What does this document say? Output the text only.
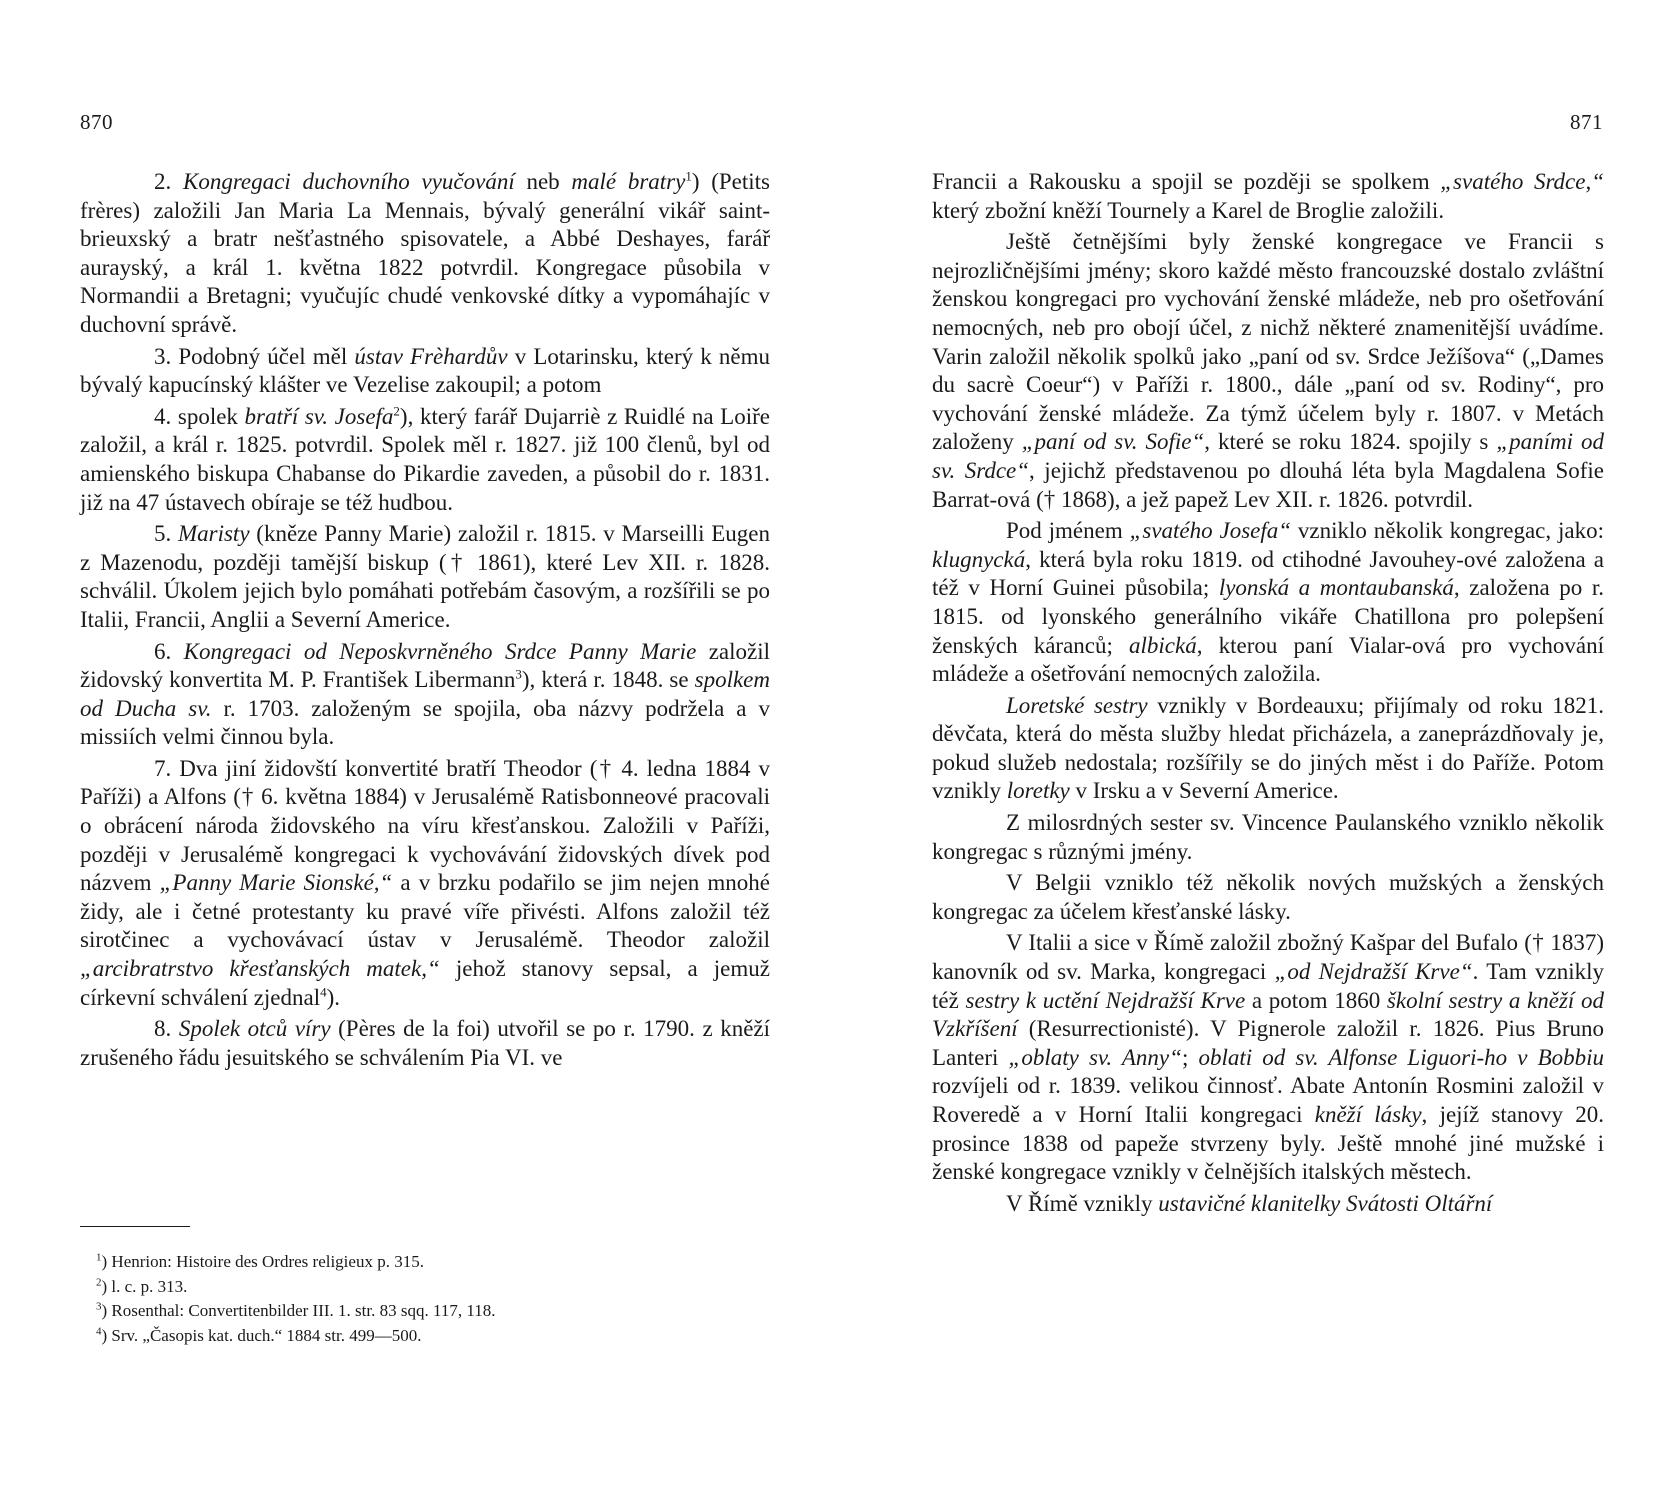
870

2. Kongregaci duchovního vyučování neb malé bratry$^1$) (Petits frères) založili Jan Maria La Mennais, bývalý generální vikář saint-brieuxský a bratr nešťastného spisovatele, a Abbé Deshayes, farář aurayský, a král 1. května 1822 potvrdil. Kongregace působila v Normandii a Bretagni; vyučujíc chudé venkovské dítky a vypomáhajíc v duchovní správě.

3. Podobný účel měl ústav Frèhardův v Lotarinsku, který k němu bývalý kapucínský klášter ve Vezelise zakoupil; a potom

4. spolek bratří sv. Josefa$^2$), který farář Dujarriè z Ruidlé na Loiře založil, a král r. 1825. potvrdil. Spolek měl r. 1827. již 100 členů, byl od amienského biskupa Chabanse do Pikardie zaveden, a působil do r. 1831. již na 47 ústavech obíraje se též hudbou.

5. Maristy (kněze Panny Marie) založil r. 1815. v Marseilli Eugen z Mazenodu, později tamější biskup († 1861), které Lev XII. r. 1828. schválil. Úkolem jejich bylo pomáhati potřebám časovým, a rozšířili se po Italii, Francii, Anglii a Severní Americe.

6. Kongregaci od Neposkvrněného Srdce Panny Marie založil židovský konvertita M. P. František Libermann$^3$), která r. 1848. se spolkem od Ducha sv. r. 1703. založeným se spojila, oba názvy podržela a v missiích velmi činnou byla.

7. Dva jiní židovští konvertité bratří Theodor († 4. ledna 1884 v Paříži) a Alfons († 6. května 1884) v Jerusalémě Ratisbonneové pracovali o obrácení národa židovského na víru křesťanskou. Založili v Paříži, později v Jerusalémě kongregaci k vychovávání židovských dívek pod názvem „Panny Marie Sionské,“ a v brzku podařilo se jim nejen mnohé židy, ale i četné protestanty ku pravé víře přivésti. Alfons založil též sirotčinec a vychovávací ústav v Jerusalémě. Theodor založil „arcibratrstvo křesťanských matek,“ jehož stanovy sepsal, a jemuž církevní schválení zjednal$^4$).

8. Spolek otců víry (Pères de la foi) utvořil se po r. 1790. z kněží zrušeného řádu jesuitského se schválením Pia VI. ve

$^1$) Henrion: Histoire des Ordres religieux p. 315.

$^2$) l. c. p. 313.

$^3$) Rosenthal: Convertitenbilder III. 1. str. 83 sqq. 117, 118.

$^4$) Srv. „Časopis kat. duch.“ 1884 str. 499—500.

871

Francii a Rakousku a spojil se později se spolkem „svatého Srdce,“ který zbožní kněží Tournely a Karel de Broglie založili.

Ještě četnějšími byly ženské kongregace ve Francii s nejrozličnějšími jmény; skoro každé město francouzské dostalo zvláštní ženskou kongregaci pro vychování ženské mládeže, neb pro ošetřování nemocných, neb pro obojí účel, z nichž některé znamenitější uvádíme. Varin založil několik spolků jako „paní od sv. Srdce Ježíšova“ („Dames du sacrè Coeur“) v Paříži r. 1800., dále „paní od sv. Rodiny“, pro vychování ženské mládeže. Za týmž účelem byly r. 1807. v Metách založeny „paní od sv. Sofie“, které se roku 1824. spojily s „paními od sv. Srdce“, jejichž představenou po dlouhá léta byla Magdalena Sofie Barrat-ová († 1868), a jež papež Lev XII. r. 1826. potvrdil.

Pod jménem „svatého Josefa“ vzniklo několik kongregac, jako: klugnycká, která byla roku 1819. od ctihodné Javouhey-ové založena a též v Horní Guinei působila; lyonská a montaubanská, založena po r. 1815. od lyonského generálního vikáře Chatillona pro polepšení ženských káranců; albická, kterou paní Vialar-ová pro vychování mládeže a ošetřování nemocných založila.

Loretské sestry vznikly v Bordeauxu; přijímaly od roku 1821. děvčata, která do města služby hledat přicházela, a zaneprázdňovaly je, pokud služeb nedostala; rozšířily se do jiných měst i do Paříže. Potom vznikly loretky v Irsku a v Severní Americe.

Z milosrdných sester sv. Vincence Paulanského vzniklo několik kongregac s různými jmény.

V Belgii vzniklo též několik nových mužských a ženských kongregac za účelem křesťanské lásky.

V Italii a sice v Římě založil zbožný Kašpar del Bufalo († 1837) kanovník od sv. Marka, kongregaci „od Nejdražší Krve“. Tam vznikly též sestry k uctění Nejdražší Krve a potom 1860 školní sestry a kněží od Vzkříšení (Resurrectionisté). V Pignerole založil r. 1826. Pius Bruno Lanteri „oblaty sv. Anny“; oblati od sv. Alfonse Liguori-ho v Bobbiu rozvíjeli od r. 1839. velikou činnosť. Abate Antonín Rosmini založil v Roveredě a v Horní Italii kongregaci kněží lásky, jejíž stanovy 20. prosince 1838 od papeže stvrzeny byly. Ještě mnohé jiné mužské i ženské kongregace vznikly v čelnějších italských městech.

V Římě vznikly ustavičné klanitelky Svátosti Oltářní
